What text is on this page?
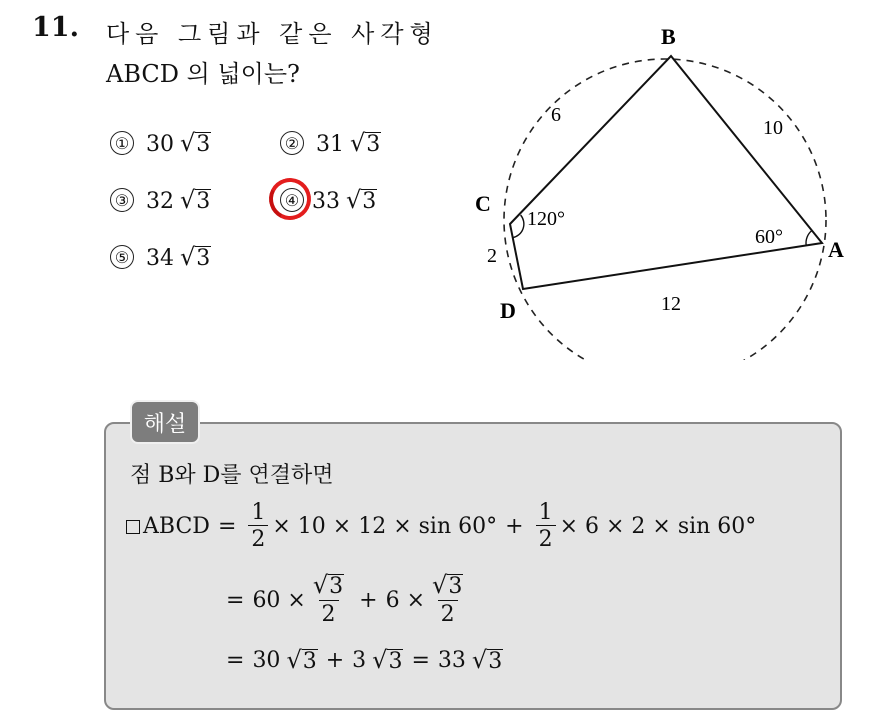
11. 다음 그림과 같은 사각형
ABCD 의 넓이는?
① 30 √ 3	② 31 √ 3
③ 32 √ 3	④ 33 √ 3
⑤ 34 √ 3
B
A
C
D
6
10
2
12
120°
60°
해설
점 B와 D를 연결하면
ABCD = $\frac{1}{2} \times 10 \times 12 \times \sin 60^\circ + \frac{1}{2} \times 6 \times 2 \times \sin 60^\circ$
= $60 \times \frac{√ 3}{2} + 6 \times \frac{√ 3}{2}$
= 30 √ 3 + 3 √ 3 = 33 √ 3
